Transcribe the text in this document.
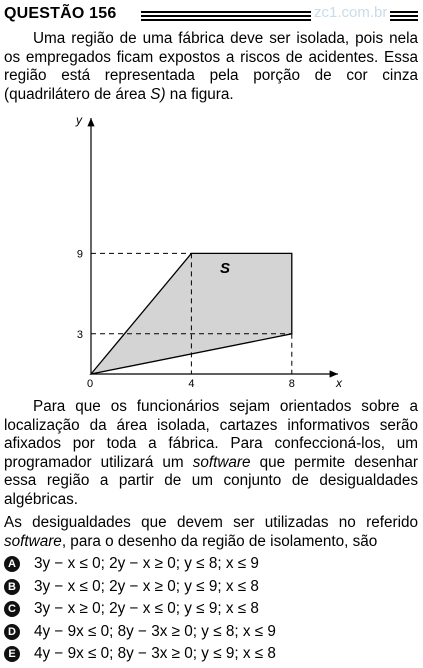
QUESTÃO 156	zc1.com.br

Uma região de uma fábrica deve ser isolada, pois nela os empregados ficam expostos a riscos de acidentes. Essa região está representada pela porção de cor cinza (quadrilátero de área S) na figura.

y
x
0	4	8
3
9
S

Para que os funcionários sejam orientados sobre a localização da área isolada, cartazes informativos serão afixados por toda a fábrica. Para confeccioná-los, um programador utilizará um software que permite desenhar essa região a partir de um conjunto de desigualdades algébricas.

As desigualdades que devem ser utilizadas no referido software, para o desenho da região de isolamento, são

A 3y − x ≤ 0; 2y − x ≥ 0; y ≤ 8; x ≤ 9
B 3y − x ≤ 0; 2y − x ≥ 0; y ≤ 9; x ≤ 8
C 3y − x ≥ 0; 2y − x ≤ 0; y ≤ 9; x ≤ 8
D 4y − 9x ≤ 0; 8y − 3x ≥ 0; y ≤ 8; x ≤ 9
E 4y − 9x ≤ 0; 8y − 3x ≥ 0; y ≤ 9; x ≤ 8
